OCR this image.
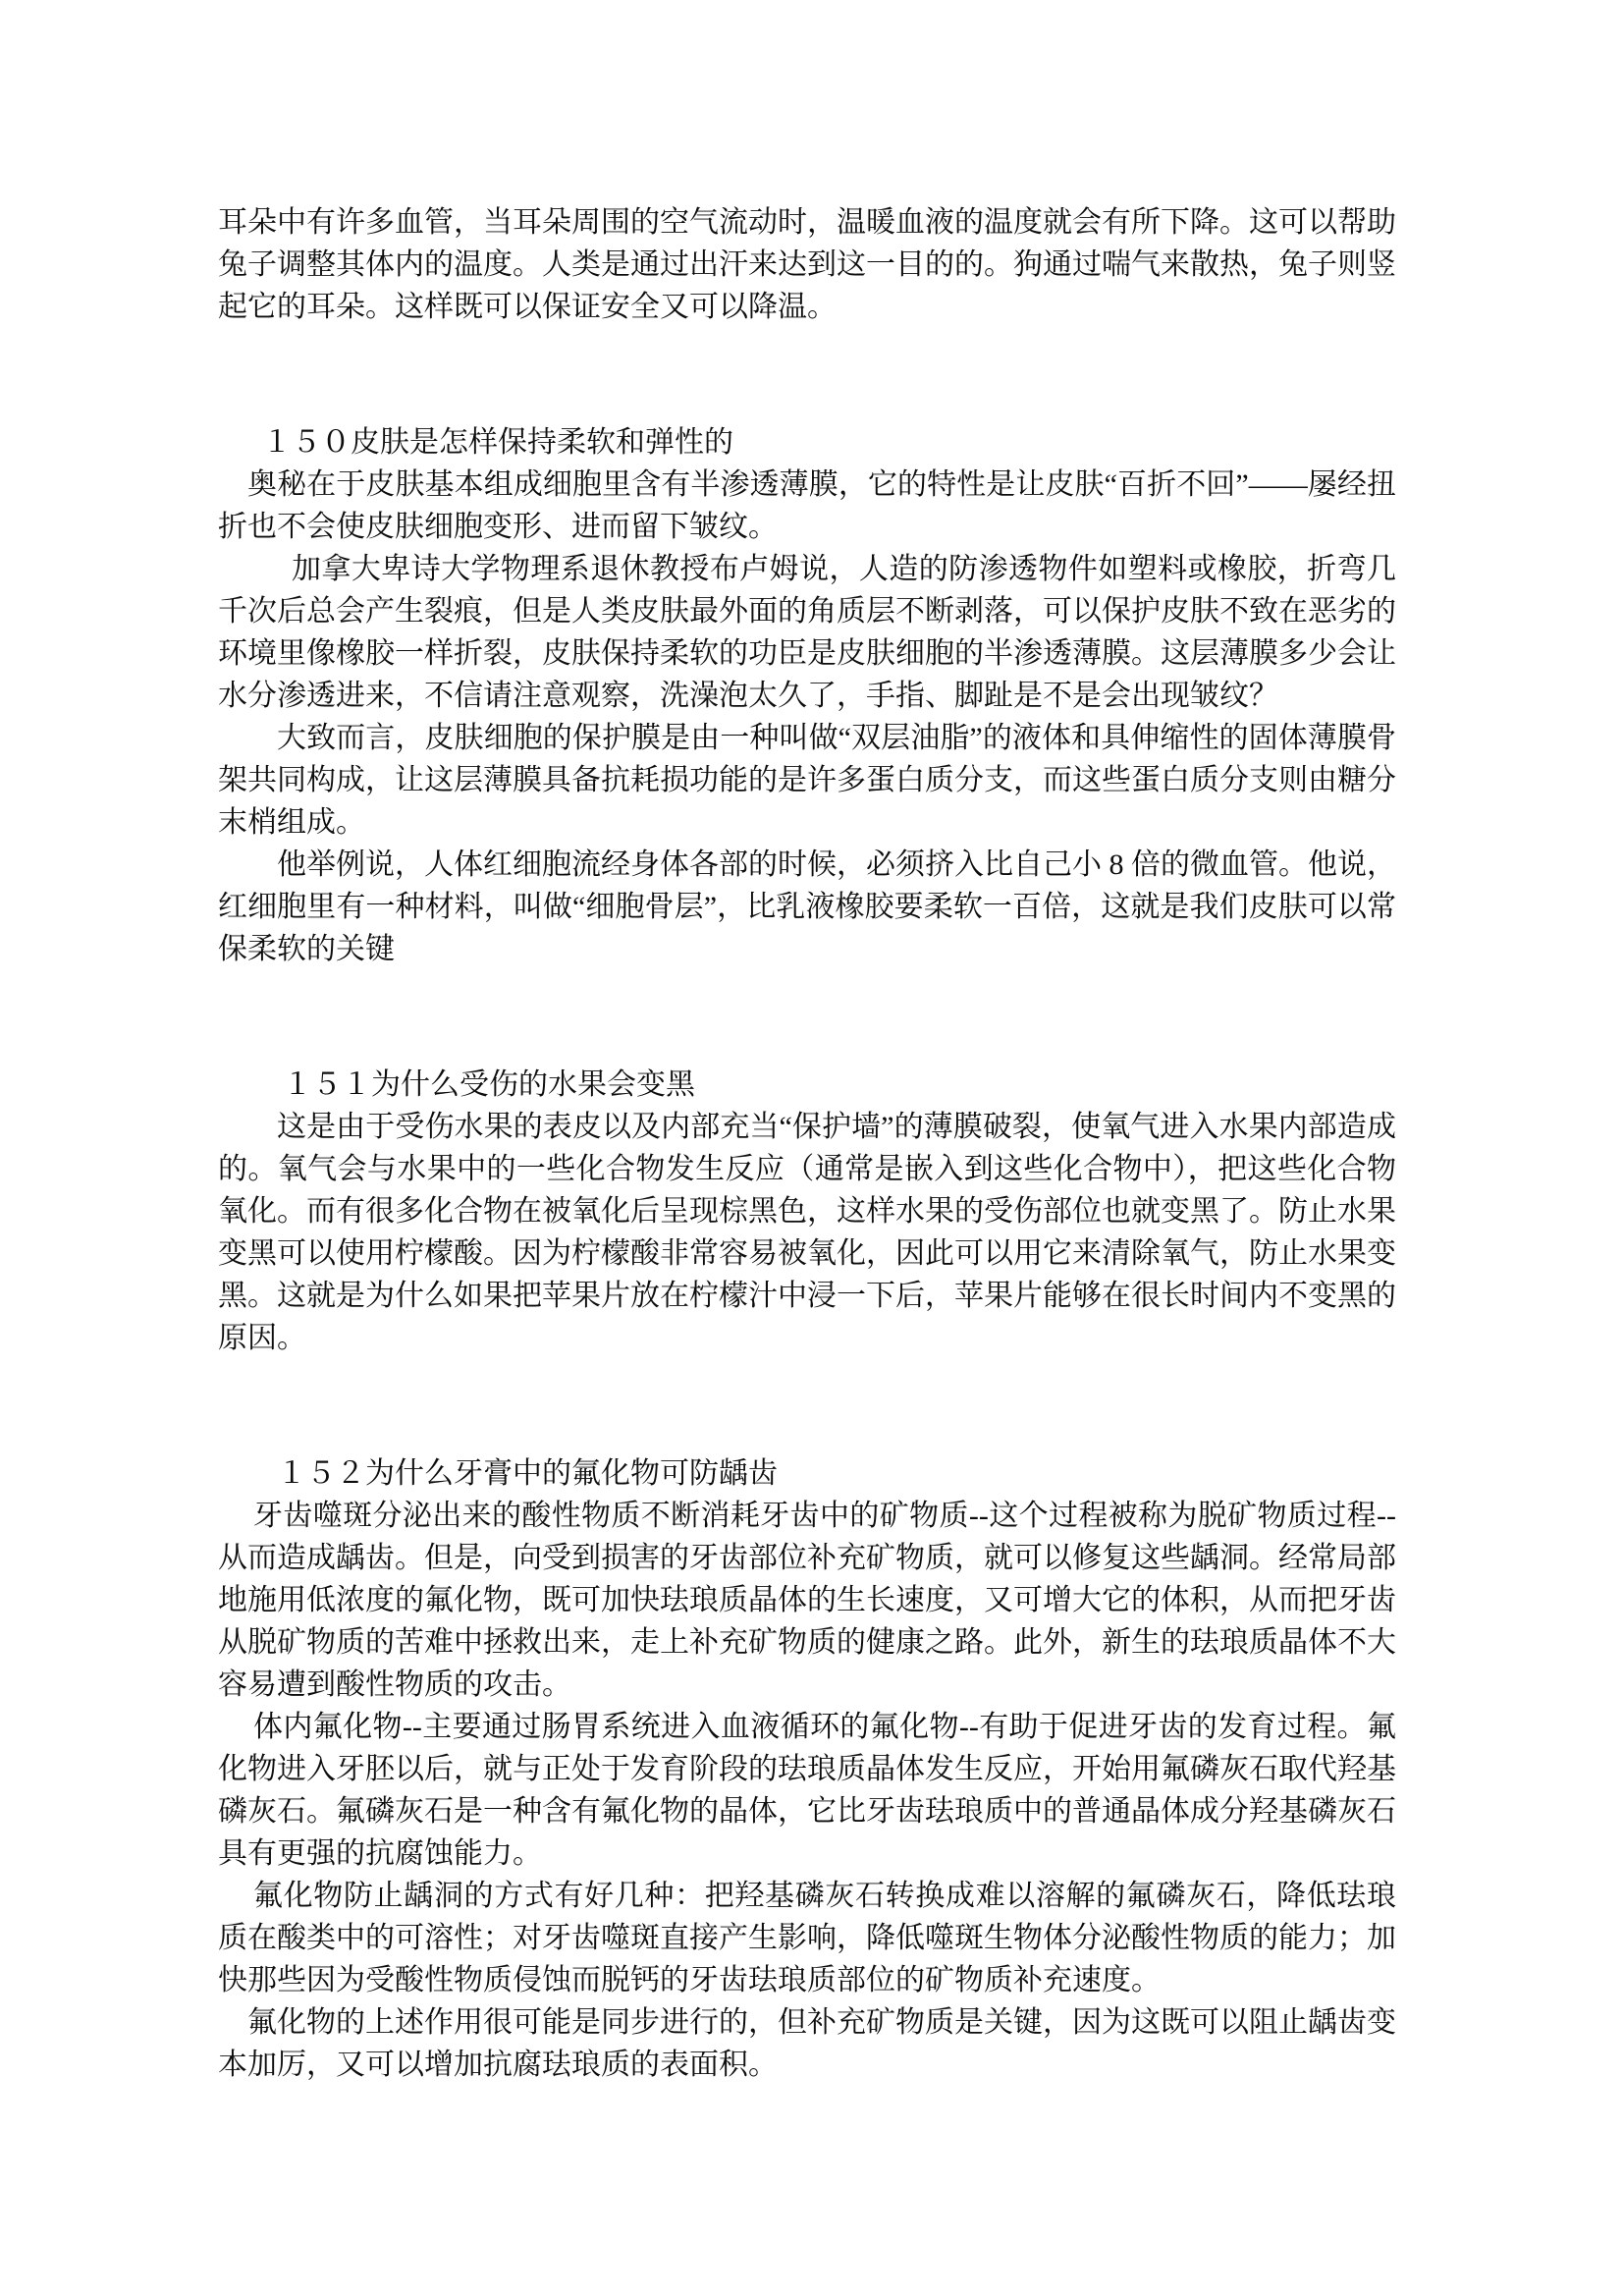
耳朵中有许多血管，当耳朵周围的空气流动时，温暖血液的温度就会有所下降。这可以帮助兔子调整其体内的温度。人类是通过出汗来达到这一目的的。狗通过喘气来散热，兔子则竖起它的耳朵。这样既可以保证安全又可以降温。

１５０皮肤是怎样保持柔软和弹性的

奥秘在于皮肤基本组成细胞里含有半渗透薄膜，它的特性是让皮肤“百折不回”——屡经扭折也不会使皮肤细胞变形、进而留下皱纹。

加拿大卑诗大学物理系退休教授布卢姆说，人造的防渗透物件如塑料或橡胶，折弯几千次后总会产生裂痕，但是人类皮肤最外面的角质层不断剥落，可以保护皮肤不致在恶劣的环境里像橡胶一样折裂，皮肤保持柔软的功臣是皮肤细胞的半渗透薄膜。这层薄膜多少会让水分渗透进来，不信请注意观察，洗澡泡太久了，手指、脚趾是不是会出现皱纹？

大致而言，皮肤细胞的保护膜是由一种叫做“双层油脂”的液体和具伸缩性的固体薄膜骨架共同构成，让这层薄膜具备抗耗损功能的是许多蛋白质分支，而这些蛋白质分支则由糖分末梢组成。

他举例说，人体红细胞流经身体各部的时候，必须挤入比自己小 8 倍的微血管。他说，红细胞里有一种材料，叫做“细胞骨层”，比乳液橡胶要柔软一百倍，这就是我们皮肤可以常保柔软的关键

１５１为什么受伤的水果会变黑

这是由于受伤水果的表皮以及内部充当“保护墙”的薄膜破裂，使氧气进入水果内部造成的。氧气会与水果中的一些化合物发生反应（通常是嵌入到这些化合物中），把这些化合物氧化。而有很多化合物在被氧化后呈现棕黑色，这样水果的受伤部位也就变黑了。防止水果变黑可以使用柠檬酸。因为柠檬酸非常容易被氧化，因此可以用它来清除氧气，防止水果变黑。这就是为什么如果把苹果片放在柠檬汁中浸一下后，苹果片能够在很长时间内不变黑的原因。

１５２为什么牙膏中的氟化物可防龋齿

牙齿噬斑分泌出来的酸性物质不断消耗牙齿中的矿物质--这个过程被称为脱矿物质过程--从而造成龋齿。但是，向受到损害的牙齿部位补充矿物质，就可以修复这些龋洞。经常局部地施用低浓度的氟化物，既可加快珐琅质晶体的生长速度，又可增大它的体积，从而把牙齿从脱矿物质的苦难中拯救出来，走上补充矿物质的健康之路。此外，新生的珐琅质晶体不大容易遭到酸性物质的攻击。

体内氟化物--主要通过肠胃系统进入血液循环的氟化物--有助于促进牙齿的发育过程。氟化物进入牙胚以后，就与正处于发育阶段的珐琅质晶体发生反应，开始用氟磷灰石取代羟基磷灰石。氟磷灰石是一种含有氟化物的晶体，它比牙齿珐琅质中的普通晶体成分羟基磷灰石具有更强的抗腐蚀能力。

氟化物防止龋洞的方式有好几种：把羟基磷灰石转换成难以溶解的氟磷灰石，降低珐琅质在酸类中的可溶性；对牙齿噬斑直接产生影响，降低噬斑生物体分泌酸性物质的能力；加快那些因为受酸性物质侵蚀而脱钙的牙齿珐琅质部位的矿物质补充速度。

氟化物的上述作用很可能是同步进行的，但补充矿物质是关键，因为这既可以阻止龋齿变本加厉，又可以增加抗腐珐琅质的表面积。
